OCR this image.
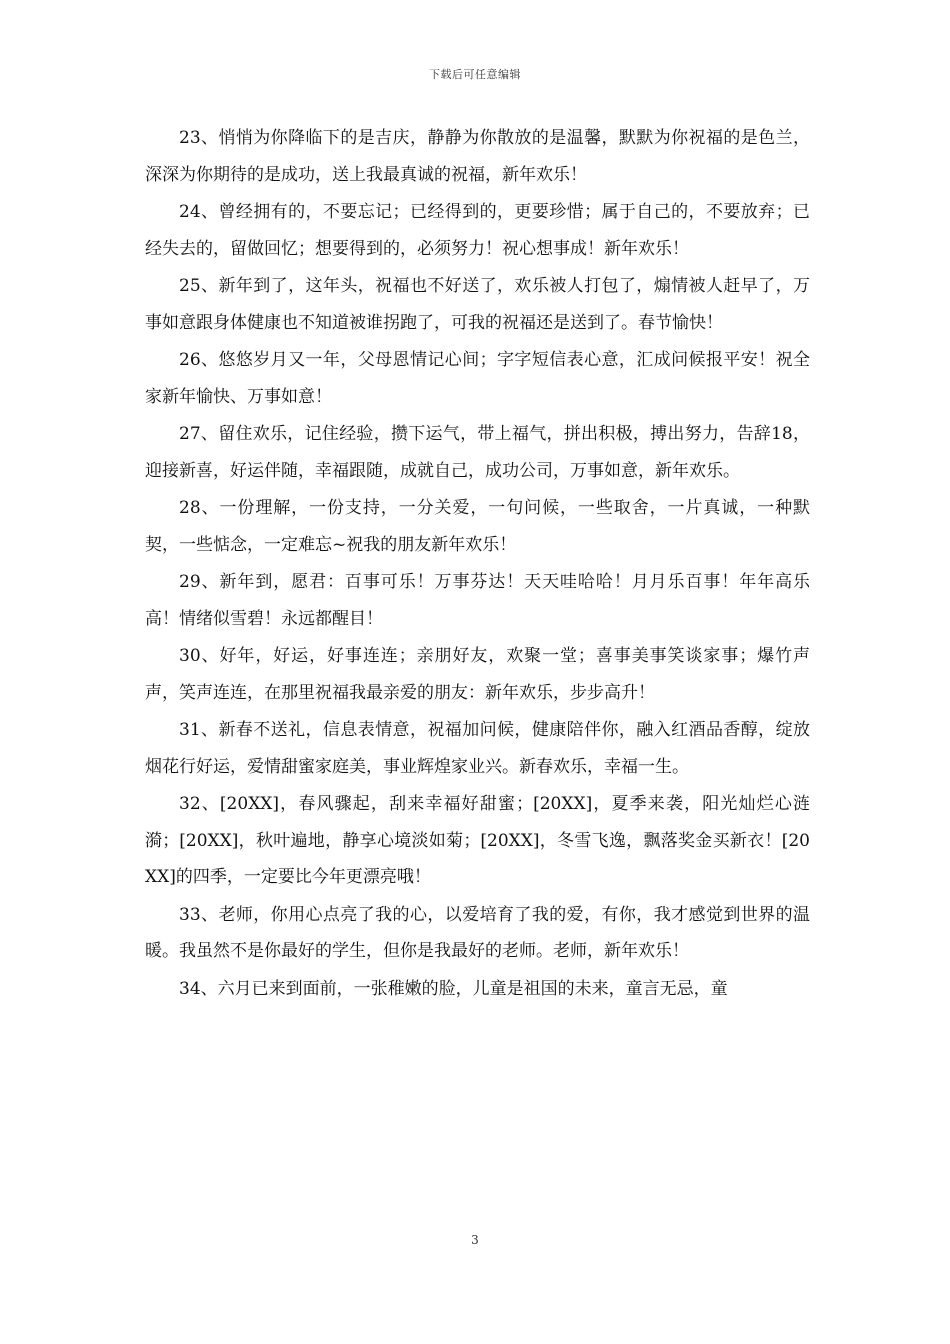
下载后可任意编辑

23、悄悄为你降临下的是吉庆，静静为你散放的是温馨，默默为你祝福的是色兰，深深为你期待的是成功，送上我最真诚的祝福，新年欢乐！

24、曾经拥有的，不要忘记；已经得到的，更要珍惜；属于自己的，不要放弃；已经失去的，留做回忆；想要得到的，必须努力！祝心想事成！新年欢乐！

25、新年到了，这年头，祝福也不好送了，欢乐被人打包了，煽情被人赶早了，万事如意跟身体健康也不知道被谁拐跑了，可我的祝福还是送到了。春节愉快！

26、悠悠岁月又一年，父母恩情记心间；字字短信表心意，汇成问候报平安！祝全家新年愉快、万事如意！

27、留住欢乐，记住经验，攒下运气，带上福气，拼出积极，搏出努力，告辞18，迎接新喜，好运伴随，幸福跟随，成就自己，成功公司，万事如意，新年欢乐。

28、一份理解，一份支持，一分关爱，一句问候，一些取舍，一片真诚，一种默契，一些惦念，一定难忘~祝我的朋友新年欢乐！

29、新年到，愿君：百事可乐！万事芬达！天天哇哈哈！月月乐百事！年年高乐高！情绪似雪碧！永远都醒目！

30、好年，好运，好事连连；亲朋好友，欢聚一堂；喜事美事笑谈家事；爆竹声声，笑声连连，在那里祝福我最亲爱的朋友：新年欢乐，步步高升！

31、新春不送礼，信息表情意，祝福加问候，健康陪伴你，融入红酒品香醇，绽放烟花行好运，爱情甜蜜家庭美，事业辉煌家业兴。新春欢乐，幸福一生。

32、[20XX]，春风骤起，刮来幸福好甜蜜；[20XX]，夏季来袭，阳光灿烂心涟漪；[20XX]，秋叶遍地，静享心境淡如菊；[20XX]，冬雪飞逸，飘落奖金买新衣！[20XX]的四季，一定要比今年更漂亮哦！

33、老师，你用心点亮了我的心，以爱培育了我的爱，有你，我才感觉到世界的温暖。我虽然不是你最好的学生，但你是我最好的老师。老师，新年欢乐！

34、六月已来到面前，一张稚嫩的脸，儿童是祖国的未来，童言无忌，童

3
